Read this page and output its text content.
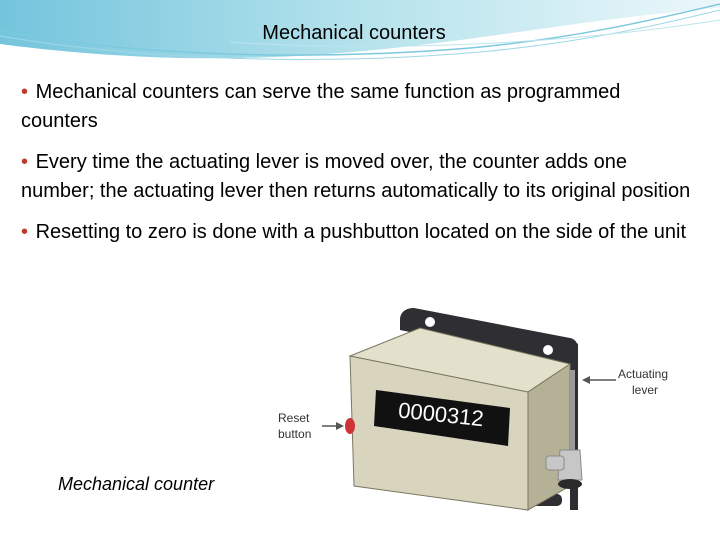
Mechanical counters
• Mechanical counters can serve the same function as programmed counters
• Every time the actuating lever is moved over, the counter adds one number; the actuating lever then returns automatically to its original position
• Resetting to zero is done with a pushbutton located on the side of the unit
0000312
Reset
button
Actuating
lever
Mechanical counter
